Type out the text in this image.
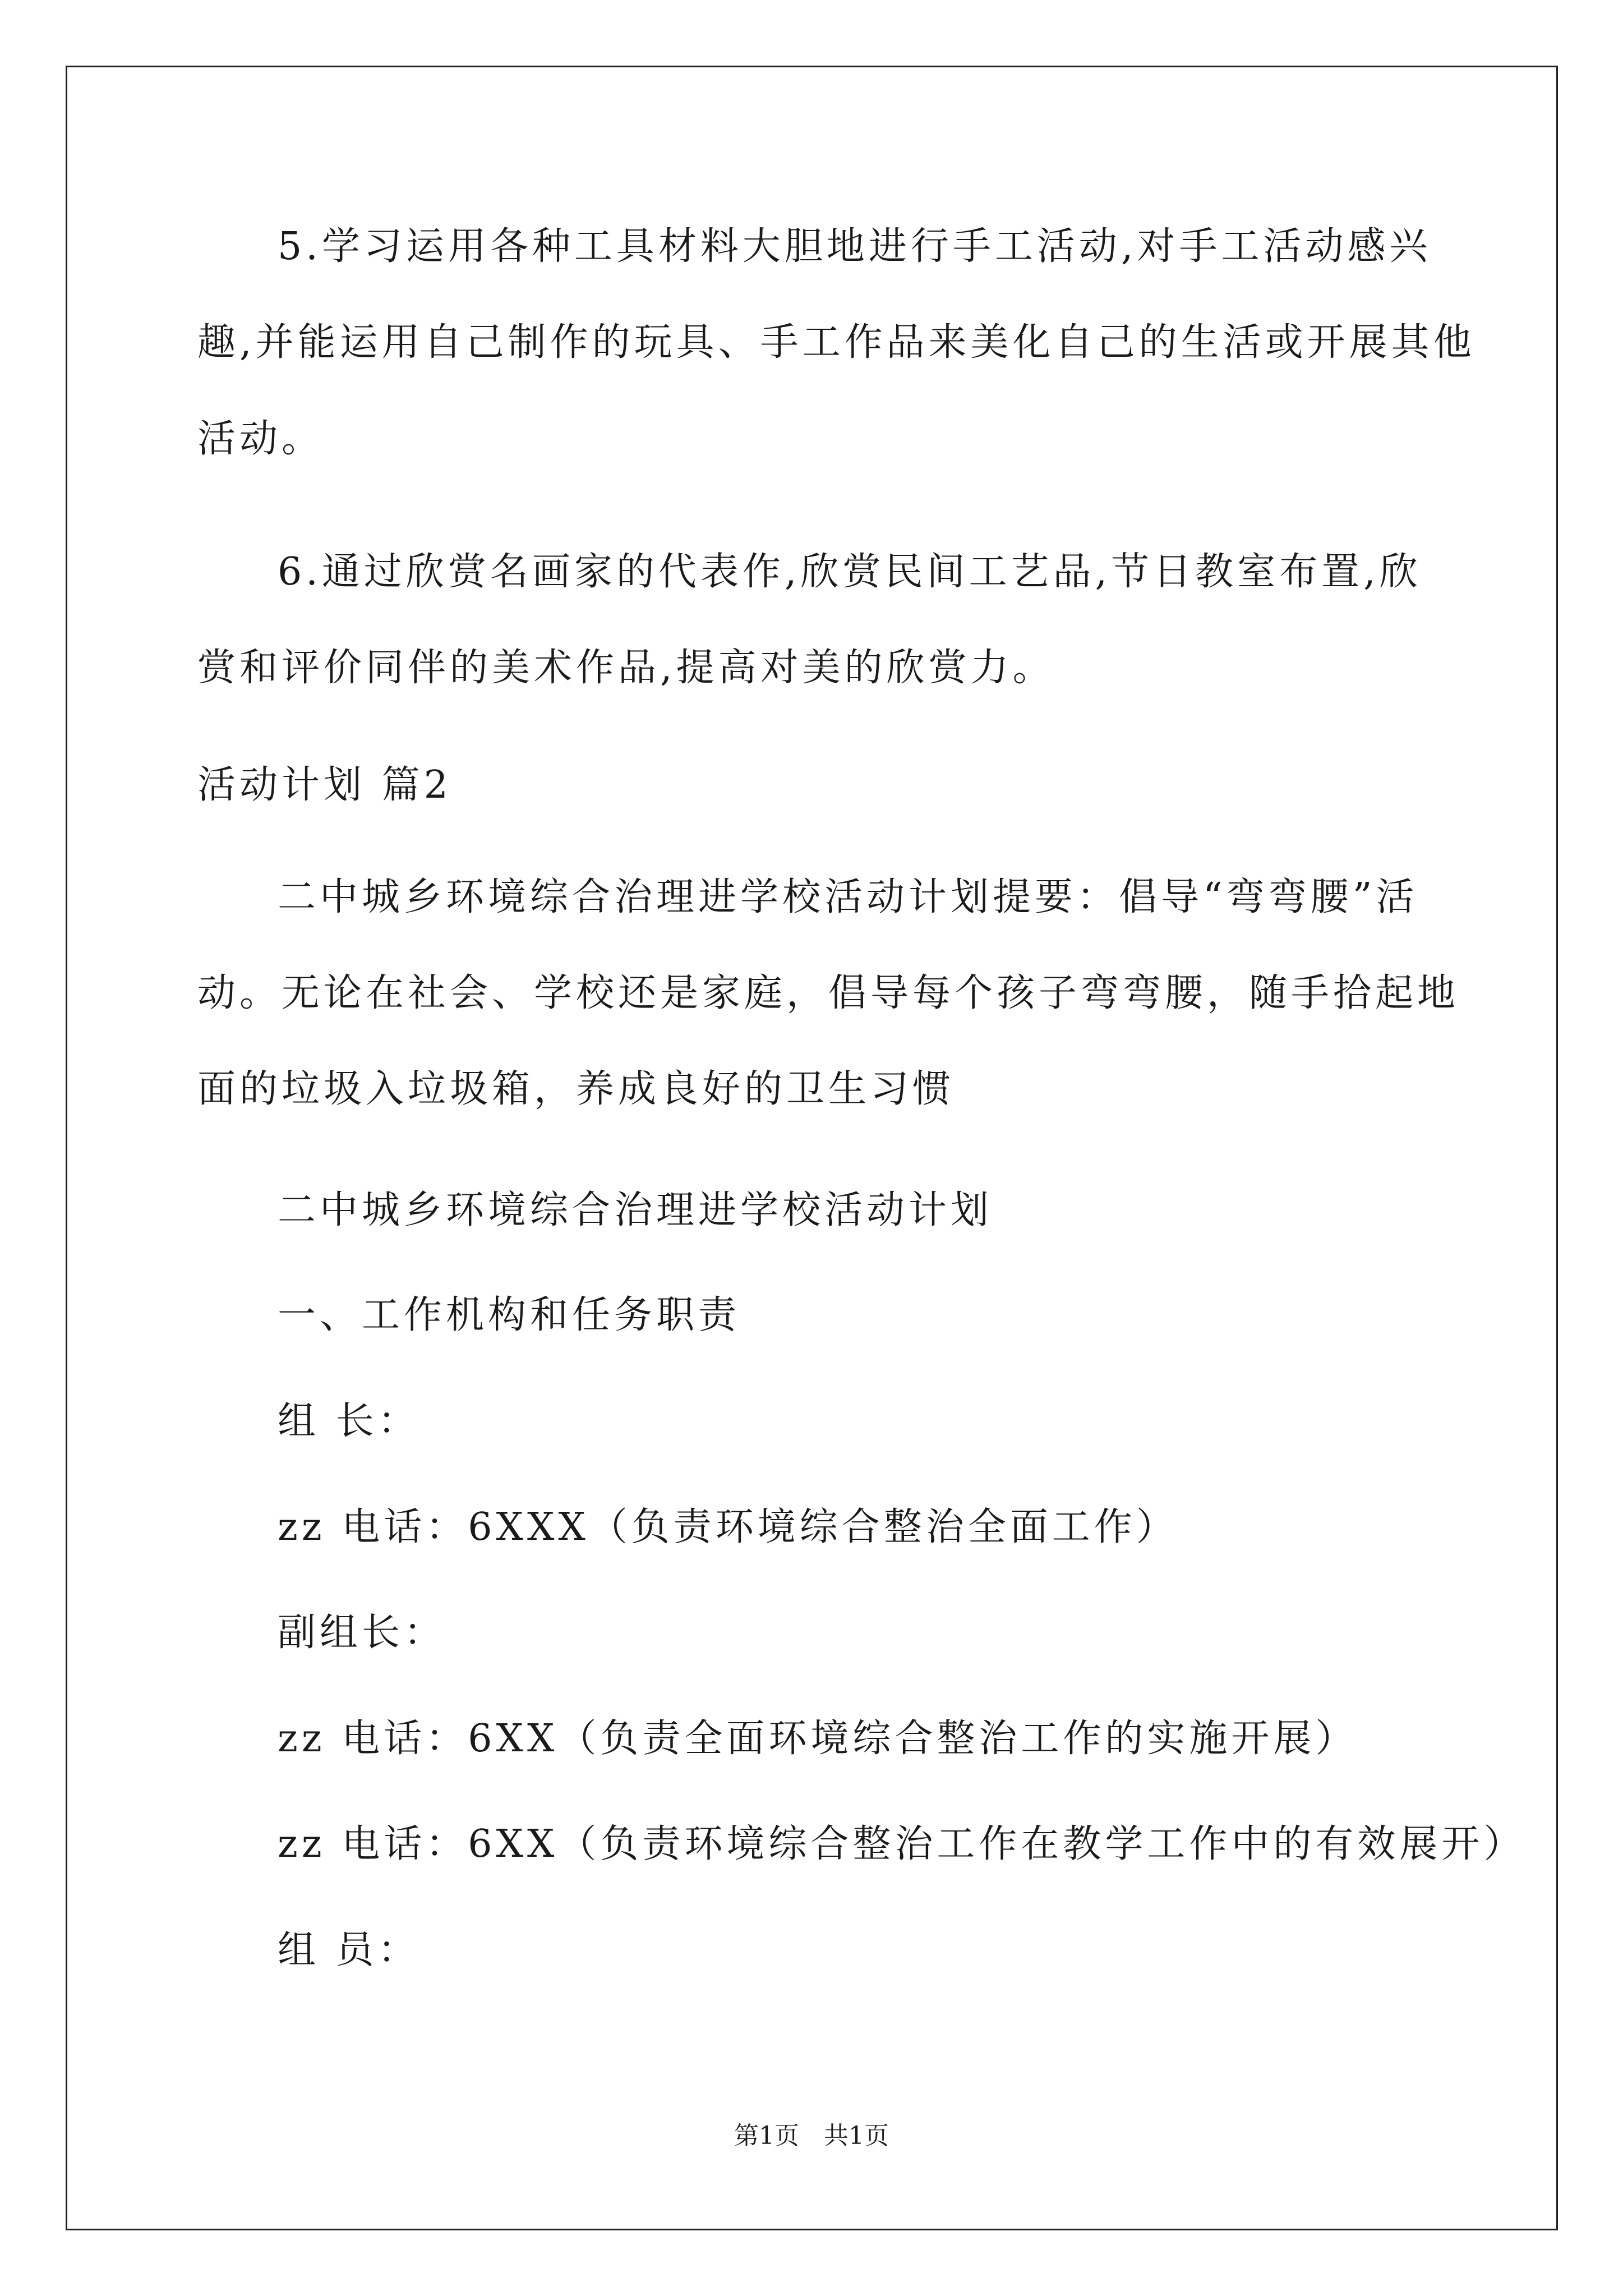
5.学习运用各种工具材料大胆地进行手工活动,对手工活动感兴
趣,并能运用自己制作的玩具、手工作品来美化自己的生活或开展其他
活动。
6.通过欣赏名画家的代表作,欣赏民间工艺品,节日教室布置,欣
赏和评价同伴的美术作品,提高对美的欣赏力。
活动计划 篇2
二中城乡环境综合治理进学校活动计划提要：倡导“弯弯腰”活
动。无论在社会、学校还是家庭，倡导每个孩子弯弯腰，随手拾起地
面的垃圾入垃圾箱，养成良好的卫生习惯
二中城乡环境综合治理进学校活动计划
一、工作机构和任务职责
组 长：
zz 电话：6XXX（负责环境综合整治全面工作）
副组长：
zz 电话：6XX（负责全面环境综合整治工作的实施开展）
zz 电话：6XX（负责环境综合整治工作在教学工作中的有效展开）
组 员：
第1页　共1页
